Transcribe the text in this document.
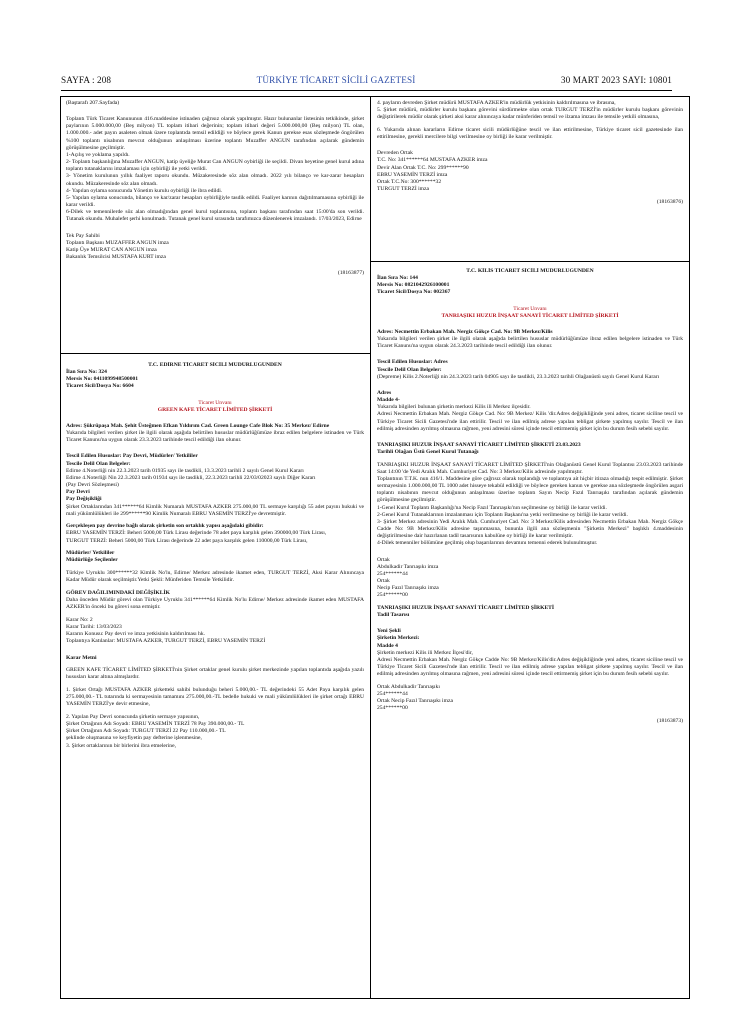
SAYFA : 208	TÜRKİYE TİCARET SİCİLİ GAZETESİ	30 MART 2023 SAYI: 10801

(Baştarafı 207.Sayfada)

Toplantı Türk Ticaret Kanununun 416.maddesine istinaden çağrısız olarak yapılmıştır. Hazır bulunanlar listesinin tetkikinde, şirket paylarının 5.000.000,00 (Beş milyon) TL toplam itibari değerinin; toplam itibari değeri 5.000.000,00 (Beş milyon) TL olan, 1.000.000.- adet payın asaleten olmak üzere toplantıda temsil edildiği ve böylece gerek Kanun gerekse esas sözleşmede öngörülen %100 toplantı nisabının mevcut olduğunun anlaşılması üzerine toplantı Muzaffer ANGUN tarafından açılarak gündemin görüşülmesine geçilmiştir.

1-Açılış ve yoklama yapıldı.

2- Toplantı başkanlığına Muzaffer ANGUN, katip üyeliğe Murat Can ANGUN oybirliği ile seçildi. Divan heyetine genel kurul adına toplantı tutanaklarını imzalaması için oybirliği ile yetki verildi.

3- Yönetim kurulunun yıllık faaliyet raporu okundu. Müzakeresinde söz alan olmadı. 2022 yılı bilanço ve kar-zarar hesapları okundu. Müzakeresinde söz alan olmadı.

4- Yapılan oylama sonucunda Yönetim kurulu oybirliği ile ibra edildi.

5- Yapılan oylama sonucunda, bilanço ve kar/zarar hesapları oybirliğiyle tasdik edildi. Faaliyet karının dağıtılmamasına oybirliği ile karar verildi.

6-Dilek ve temennilerde söz alan olmadığından genel kurul toplantısına, toplantı başkanı tarafından saat 15:00'da son verildi. Tutanak okundu. Muhalefet şerhi konulmadı. Tutanak genel kurul sırasında tarafımızca düzenlenerek imzalandı. 17/03/2023, Edirne

Tek Pay Sahibi

Toplantı Başkanı MUZAFFER ANGUN imza

Katip Üye MURAT CAN ANGUN imza

Bakanlık Temsilcisi MUSTAFA KURT imza

(18163877)

T.C. EDİRNE TİCARET SİCİLİ MÜDÜRLÜĞÜNDEN

İlan Sıra No: 324

Mersis No: 0411099948500001

Ticaret Sicil/Dosya No: 6604

Ticaret Unvanı

GREEN KAFE TİCARET LİMİTED ŞİRKETİ

Adres: Şükrüpaşa Mah. Şehit Üsteğmen Efkan Yıldırım Cad. Green Lounge Cafe Blok No: 35 Merkez/ Edirne

Yukarıda bilgileri verilen şirket ile ilgili olarak aşağıda belirtilen hususlar müdürlüğümüze ibraz edilen belgelere istinaden ve Türk Ticaret Kanunu'na uygun olarak 23.3.2023 tarihinde tescil edildiği ilan olunur.

Tescil Edilen Hususlar: Pay Devri, Müdürler/ Yetkililer

Tescile Delil Olan Belgeler:

Edirne 4.Noterliği nin 22.3.2023 tarih 01935 sayı ile tasdikli, 13.3.2023 tarihli 2 sayılı Genel Kurul Kararı

Edirne 4.Noterliği Nin 22.3.2023 tarih 01934 sayı ile tasdikli, 22.3.2023 tarihli 22/03/02023 sayılı Diğer Kararı

(Pay Devri Sözleşmesi)

Pay Devri

Pay Değişikliği

Şirket Ortaklarından 341******64 Kimlik Numaralı MUSTAFA AZKER 275.000,00 TL sermaye karşılığı 55 adet payını hukuki ve mali yükümlülükleri ile 299******90 Kimlik Numaralı EBRU YASEMİN TERZİ'ye devretmiştir.

Gerçekleşen pay devrine bağlı olarak şirketin son ortaklık yapısı aşağıdaki gibidir:

EBRU YASEMİN TERZİ: Beheri 5000,00 Türk Lirası değerinde 78 adet paya karşılık gelen 390000,00 Türk Lirası,

TURGUT TERZİ: Beheri 5000,00 Türk Lirası değerinde 22 adet paya karşılık gelen 110000,00 Türk Lirası,

Müdürler/ Yetkililer

Müdürlüğe Seçilenler

Türkiye Uyruklu 300******32 Kimlik No'lu, Edirne/ Merkez adresinde ikamet eden, TURGUT TERZİ, Aksi Karar Alınıncaya Kadar Müdür olarak seçilmiştir.Yetki Şekli: Münferiden Temsile Yetkilidir.

GÖREV DAĞILIMINDAKİ DEĞİŞİKLİK

Daha önceden Müdür görevi olan Türkiye Uyruklu 341******64 Kimlik No'lu Edirne/ Merkez adresinde ikamet eden MUSTAFA AZKER'in önceki bu görevi sona ermiştir.

Karar No: 2

Karar Tarihi: 13/03/2023

Kararın Konusu: Pay devri ve imza yetkisinin kaldırılması hk.

Toplantıya Katılanlar: MUSTAFA AZKER, TURGUT TERZİ, EBRU YASEMİN TERZİ

Karar Metni

GREEN KAFE TİCARET LİMİTED ŞİRKETİ'nin Şirket ortaklar genel kurulu şirket merkezinde yapılan toplantıda aşağıda yazılı hususları karar altına almışlardır.

1. Şirket Ortağı MUSTAFA AZKER şirketteki sahibi bulunduğu beheri 5.000,00.- TL değerindeki 55 Adet Paya karşılık gelen 275.000,00.- TL tutarında ki sermayesinin tamamını 275.000,00.-TL bedelle hukuki ve mali yükümlülükleri ile şirket ortağı EBRU YASEMİN TERZİ'ye devir etmesine,

2. Yapılan Pay Devri sonucunda şirketin sermaye yapısının,

Şirket Ortağının Adı Soyadı: EBRU YASEMİN TERZİ 78 Pay 390.000,00.- TL

Şirket Ortağının Adı Soyadı: TURGUT TERZİ 22 Pay 110.000,00.- TL

şeklinde oluşmasına ve keyfiyetin pay defterine işlenmesine,

3. Şirket ortaklarının bir birlerini ibra etmelerine,

4. payların devreden Şirket müdürü MUSTAFA AZKER'in müdürlük yetkisinin kaldırılmasına ve ibrasına,

5. Şirket müdürü, müdürler kurulu başkanı görevini sürdürmekte olan ortak TURGUT TERZİ'in müdürler kurulu başkanı görevinin değiştirilerek müdür olarak şirketi aksi karar alınıncaya kadar münferiden temsil ve ilzama imzası ile temsile yetkili olmasına,

6. Yukarıda alınan kararların Edirne ticaret sicili müdürlüğüne tescil ve ilan ettirilmesine, Türkiye ticaret sicil gazetesinde ilan ettirilmesine, gerekli mercilere bilgi verilmesine oy birliği ile karar verilmiştir.

Devreden Ortak

T.C. No: 341******64 MUSTAFA AZKER imza

Devir Alan Ortak T.C. No: 299******90

EBRU YASEMİN TERZİ imza

Ortak T.C.No: 300******32

TURGUT TERZİ imza

(18163876)

T.C. KİLİS TİCARET SİCİLİ MÜDÜRLÜĞÜNDEN

İlan Sıra No: 144

Mersis No: 0821042926100001

Ticaret Sicil/Dosya No: 002367

Ticaret Unvanı

TANRIAŞIKI HUZUR İNŞAAT SANAYİ TİCARET LİMİTED ŞİRKETİ

Adres: Necmettin Erbakan Mah. Nergiz Gökçe Cad. No: 9B Merkez/Kilis

Yukarıda bilgileri verilen şirket ile ilgili olarak aşağıda belirtilen hususlar müdürlüğümüze ibraz edilen belgelere istinaden ve Türk Ticaret Kanunu'na uygun olarak 24.3.2023 tarihinde tescil edildiği ilan olunur.

Tescil Edilen Hususlar: Adres

Tescile Delil Olan Belgeler:

(Depreme) Kilis 2.Noterliği nin 24.3.2023 tarih 04905 sayı ile tasdikli, 23.3.2023 tarihli Olağanüstü sayılı Genel Kurul Kararı

Adres

Madde 4-

Yukarıda bilgileri bulunan şirketin merkezi Kilis ili Merkez ilçesidir.

Adresi Necmettin Erbakan Mah. Nergiz Gökçe Cad. No: 9B Merkez/ Kilis 'dir.Adres değişikliğinde yeni adres, ticaret siciline tescil ve Türkiye Ticaret Sicili Gazetesi'nde ilan ettirilir. Tescil ve ilan edilmiş adrese yapılan tebligat şirkete yapılmış sayılır. Tescil ve ilan edilmiş adresinden ayrılmış olmasına rağmen, yeni adresini süresi içinde tescil ettirmemiş şirket için bu durum fesih sebebi sayılır.

TANRIAŞIKI HUZUR İNŞAAT SANAYİ TİCARET LİMİTED ŞİRKETİ 23.03.2023

Tarihli Olağan Üstü Genel Kurul Tutanağı

TANRIAŞIKI HUZUR İNŞAAT SANAYİ TİCARET LİMİTED ŞİRKETİ'nin Olağanüstü Genel Kurul Toplantısı 23.03.2023 tarihinde Saat 14:00 'de Yedi Aralık Mah. Cumhuriyet Cad. No: 3 Merkez/Kilis adresinde yapılmıştır.

Toplantının T.T.K. nun 416/1. Maddesine göre çağrısız olarak toplandığı ve toplantıya ait hiçbir itiraza olmadığı tespit edilmiştir. Şirket sermayesinin 1.000.000,00 TL 1000 adet hisseye tekabül edildiği ve böylece gereken kanun ve gerekse ana sözleşmede öngörülen asgari toplantı nisabının mevcut olduğunun anlaşılması üzerine toplantı Sayın Necip Fazıl Tanrıaşıkı tarafından açılarak gündemin görüşülmesine geçilmiştir.

1-Genel Kurul Toplantı Başkanlığı'na Necip Fazıl Tanrıaşıkı'nın seçilmesine oy birliği ile karar verildi.

2-Genel Kurul Tutanaklarının imzalanması için Toplantı Başkanı'na yetki verilmesine oy birliği ile karar verildi.

3- Şirket Merkez adresinin Yedi Aralık Mah. Cumhuriyet Cad. No: 3 Merkez/Kilis adresinden Necmettin Erbakan Mah. Nergiz Gökçe Cadde No: 9B Merkez/Kilis adresine taşınmasına, bununla ilgili ana sözleşmenin "Şirketin Merkezi" başlıklı 4.maddesinin değiştirilmesine dair hazırlanan tadil tasarısının kabulüne oy birliği ile karar verilmiştir.

4-Dilek temenniler bölümüne geçilmiş olup başarılarının devamını temenni ederek bulunulmuştur.

Ortak

Abdulkadir Tanrıaşıkı imza

254******44

Ortak

Necip Fazıl Tanrıaşıkı imza

254******00

TANRIAŞIKI HUZUR İNŞAAT SANAYİ TİCARET LİMİTED ŞİRKETİ

Tadil Tasarısı

Yeni Şekli

Şirketin Merkezi:

Madde 4

Şirketin merkezi Kilis ili Merkez İlçesi'dir,

Adresi Necmettin Erbakan Mah. Nergiz Gökçe Cadde No: 9B Merkez/Kilis'dir.Adres değişikliğinde yeni adres, ticaret siciline tescil ve Türkiye Ticaret Sicili Gazetesi'nde ilan ettirilir. Tescil ve ilan edilmiş adrese yapılan tebligat şirkete yapılmış sayılır. Tescil ve ilan edilmiş adresinden ayrılmış olmasına rağmen, yeni adresini süresi içinde tescil ettirmemiş şirket için bu durum fesih sebebi sayılır.

Ortak Abdulkadir Tanrıaşıkı

254******44

Ortak Necip Fazıl Tanrıaşıkı imza

254******00

(18163873)
